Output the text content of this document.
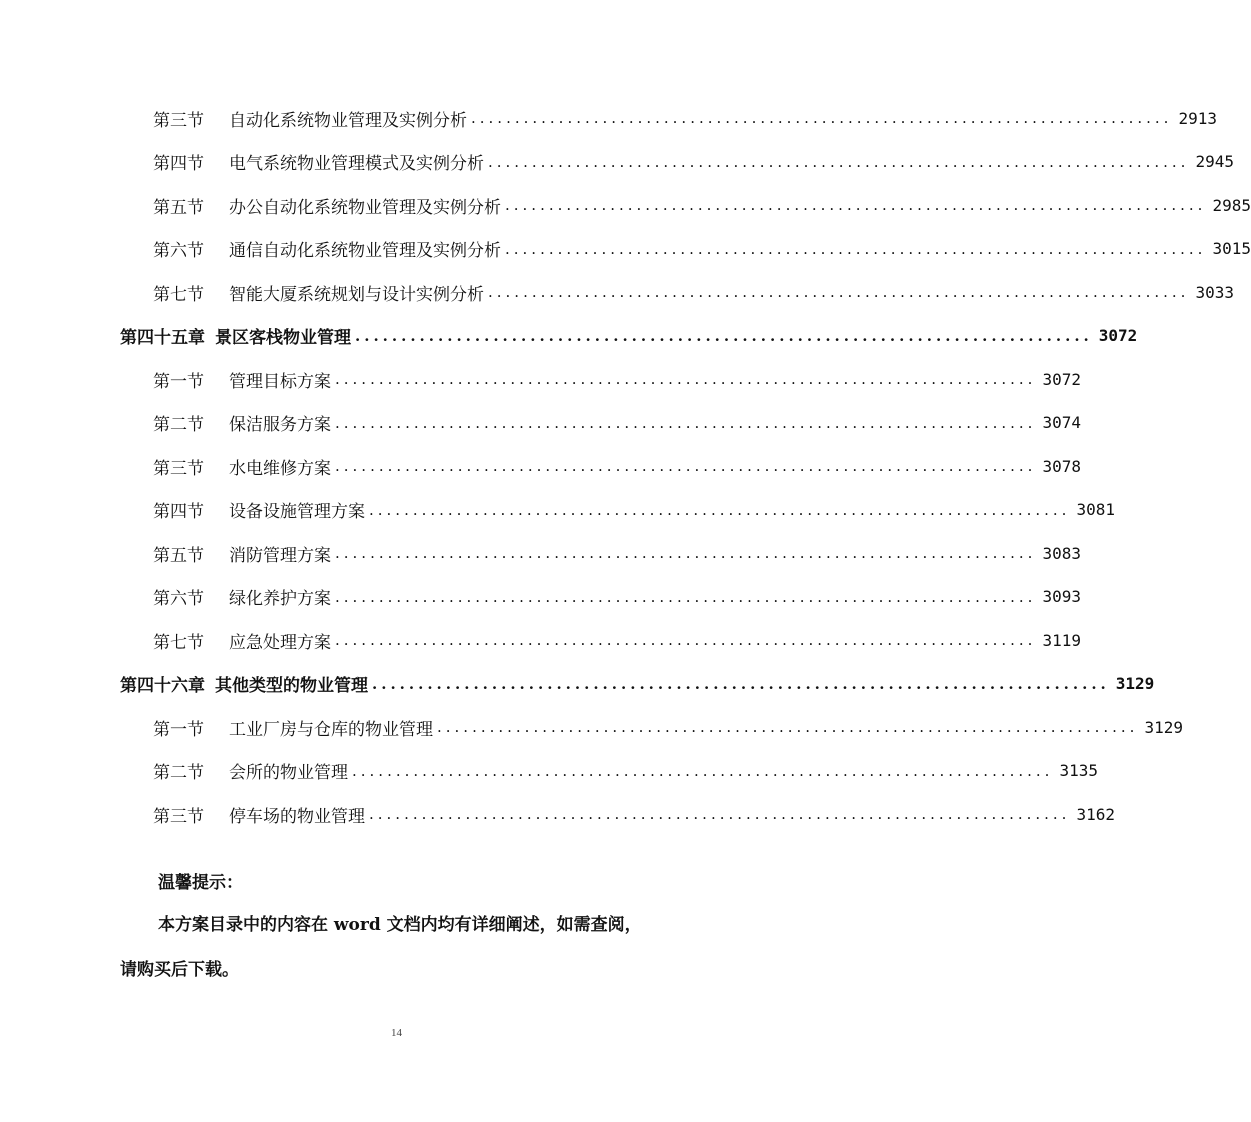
第三节	自动化系统物业管理及实例分析 ................................................................................ 2913
第四节	电气系统物业管理模式及实例分析 ................................................................................ 2945
第五节	办公自动化系统物业管理及实例分析 ................................................................................ 2985
第六节	通信自动化系统物业管理及实例分析 ................................................................................ 3015
第七节	智能大厦系统规划与设计实例分析 ................................................................................ 3033
第四十五章 景区客栈物业管理 ................................................................................ 3072
第一节	管理目标方案 ................................................................................ 3072
第二节	保洁服务方案 ................................................................................ 3074
第三节	水电维修方案 ................................................................................ 3078
第四节	设备设施管理方案 ................................................................................ 3081
第五节	消防管理方案 ................................................................................ 3083
第六节	绿化养护方案 ................................................................................ 3093
第七节	应急处理方案 ................................................................................ 3119
第四十六章 其他类型的物业管理 ................................................................................ 3129
第一节	工业厂房与仓库的物业管理 ................................................................................ 3129
第二节	会所的物业管理 ................................................................................ 3135
第三节	停车场的物业管理 ................................................................................ 3162
温馨提示：
本方案目录中的内容在 word 文档内均有详细阐述，如需查阅，
请购买后下载。
14
